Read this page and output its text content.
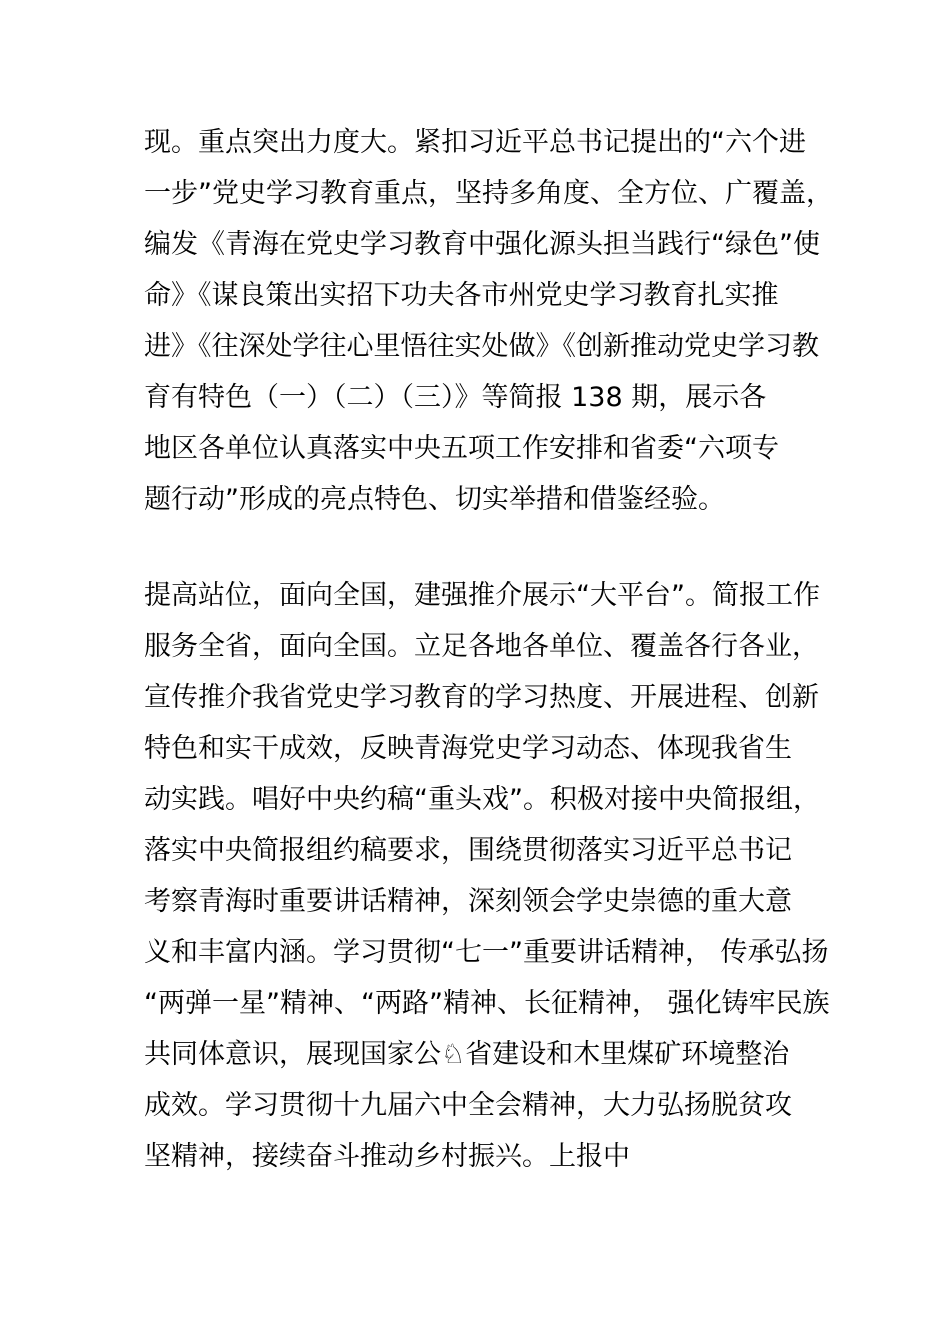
现。重点突出力度大。紧扣习近平总书记提出的“六个进
一步”党史学习教育重点，坚持多角度、全方位、广覆盖，
编发《青海在党史学习教育中强化源头担当践行“绿色”使
命》《谋良策出实招下功夫各市州党史学习教育扎实推
进》《往深处学往心里悟往实处做》《创新推动党史学习教
育有特色（一）（二）（三）》等简报 138 期，展示各
地区各单位认真落实中央五项工作安排和省委“六项专
题行动”形成的亮点特色、切实举措和借鉴经验。
提高站位，面向全国，建强推介展示“大平台”。简报工作
服务全省，面向全国。立足各地各单位、覆盖各行各业，
宣传推介我省党史学习教育的学习热度、开展进程、创新
特色和实干成效，反映青海党史学习动态、体现我省生
动实践。唱好中央约稿“重头戏”。积极对接中央简报组，
落实中央简报组约稿要求，围绕贯彻落实习近平总书记
考察青海时重要讲话精神，深刻领会学史崇德的重大意
义和丰富内涵。学习贯彻“七一”重要讲话精神， 传承弘扬
“两弹一星”精神、“两路”精神、长征精神， 强化铸牢民族
共同体意识，展现国家公♘省建设和木里煤矿环境整治
成效。学习贯彻十九届六中全会精神，大力弘扬脱贫攻
坚精神，接续奋斗推动乡村振兴。上报中
